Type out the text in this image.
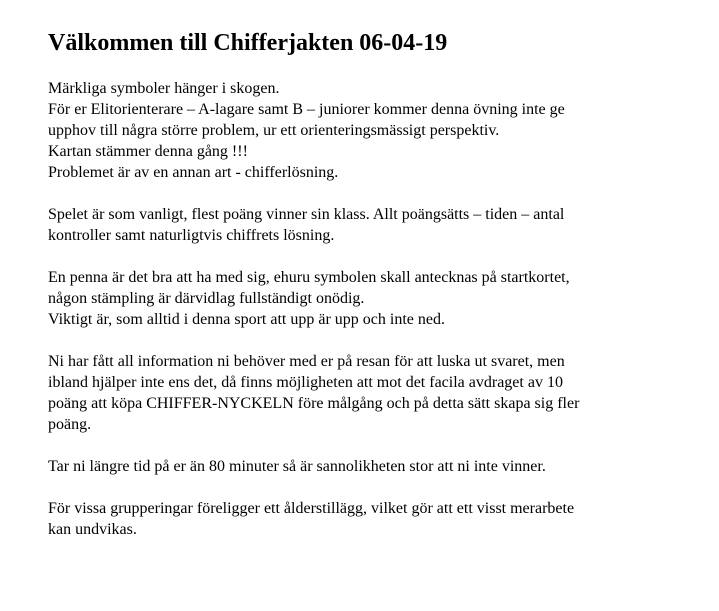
Välkommen till Chifferjakten 06-04-19

Märkliga symboler hänger i skogen.
För er Elitorienterare – A-lagare samt B – juniorer kommer denna övning inte ge
upphov till några större problem, ur ett orienteringsmässigt perspektiv.
Kartan stämmer denna gång !!!
Problemet är av en annan art - chifferlösning.

Spelet är som vanligt, flest poäng vinner sin klass. Allt poängsätts – tiden – antal
kontroller samt naturligtvis chiffrets lösning.

En penna är det bra att ha med sig, ehuru symbolen skall antecknas på startkortet,
någon stämpling är därvidlag fullständigt onödig.
Viktigt är, som alltid i denna sport att upp är upp och inte ned.

Ni har fått all information ni behöver med er på resan för att luska ut svaret, men
ibland hjälper inte ens det, då finns möjligheten att mot det facila avdraget av 10
poäng att köpa CHIFFER-NYCKELN före målgång och på detta sätt skapa sig fler
poäng.

Tar ni längre tid på er än 80 minuter så är sannolikheten stor att ni inte vinner.

För vissa grupperingar föreligger ett ålderstillägg, vilket gör att ett visst merarbete
kan undvikas.
